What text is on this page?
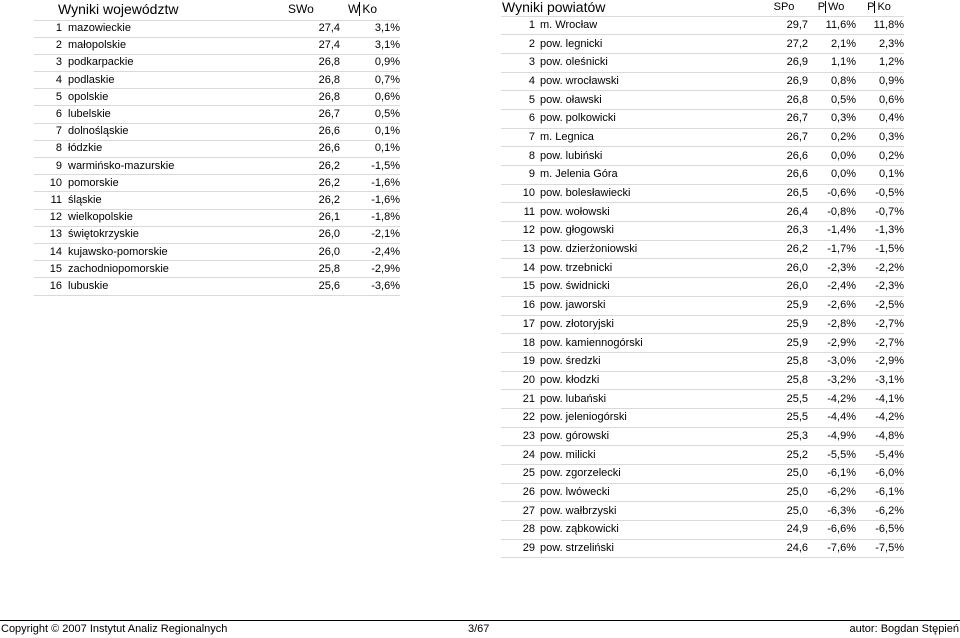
Wyniki województw		SWo	W Ko
1	mazowieckie	27,4	3,1%
2	małopolskie	27,4	3,1%
3	podkarpackie	26,8	0,9%
4	podlaskie	26,8	0,7%
5	opolskie	26,8	0,6%
6	lubelskie	26,7	0,5%
7	dolnośląskie	26,6	0,1%
8	łódzkie	26,6	0,1%
9	warmińsko-mazurskie	26,2	-1,5%
10	pomorskie	26,2	-1,6%
11	śląskie	26,2	-1,6%
12	wielkopolskie	26,1	-1,8%
13	świętokrzyskie	26,0	-2,1%
14	kujawsko-pomorskie	26,0	-2,4%
15	zachodniopomorskie	25,8	-2,9%
16	lubuskie	25,6	-3,6%
Wyniki powiatów		SPo	P Wo	P Ko
1	m. Wrocław	29,7	11,6%	11,8%
2	pow. legnicki	27,2	2,1%	2,3%
3	pow. oleśnicki	26,9	1,1%	1,2%
4	pow. wrocławski	26,9	0,8%	0,9%
5	pow. oławski	26,8	0,5%	0,6%
6	pow. polkowicki	26,7	0,3%	0,4%
7	m. Legnica	26,7	0,2%	0,3%
8	pow. lubiński	26,6	0,0%	0,2%
9	m. Jelenia Góra	26,6	0,0%	0,1%
10	pow. bolesławiecki	26,5	-0,6%	-0,5%
11	pow. wołowski	26,4	-0,8%	-0,7%
12	pow. głogowski	26,3	-1,4%	-1,3%
13	pow. dzierżoniowski	26,2	-1,7%	-1,5%
14	pow. trzebnicki	26,0	-2,3%	-2,2%
15	pow. świdnicki	26,0	-2,4%	-2,3%
16	pow. jaworski	25,9	-2,6%	-2,5%
17	pow. złotoryjski	25,9	-2,8%	-2,7%
18	pow. kamiennogórski	25,9	-2,9%	-2,7%
19	pow. średzki	25,8	-3,0%	-2,9%
20	pow. kłodzki	25,8	-3,2%	-3,1%
21	pow. lubański	25,5	-4,2%	-4,1%
22	pow. jeleniogórski	25,5	-4,4%	-4,2%
23	pow. górowski	25,3	-4,9%	-4,8%
24	pow. milicki	25,2	-5,5%	-5,4%
25	pow. zgorzelecki	25,0	-6,1%	-6,0%
26	pow. lwówecki	25,0	-6,2%	-6,1%
27	pow. wałbrzyski	25,0	-6,3%	-6,2%
28	pow. ząbkowicki	24,9	-6,6%	-6,5%
29	pow. strzeliński	24,6	-7,6%	-7,5%
Copyright © 2007 Instytut Analiz Regionalnych	3/67	autor: Bogdan Stępień
